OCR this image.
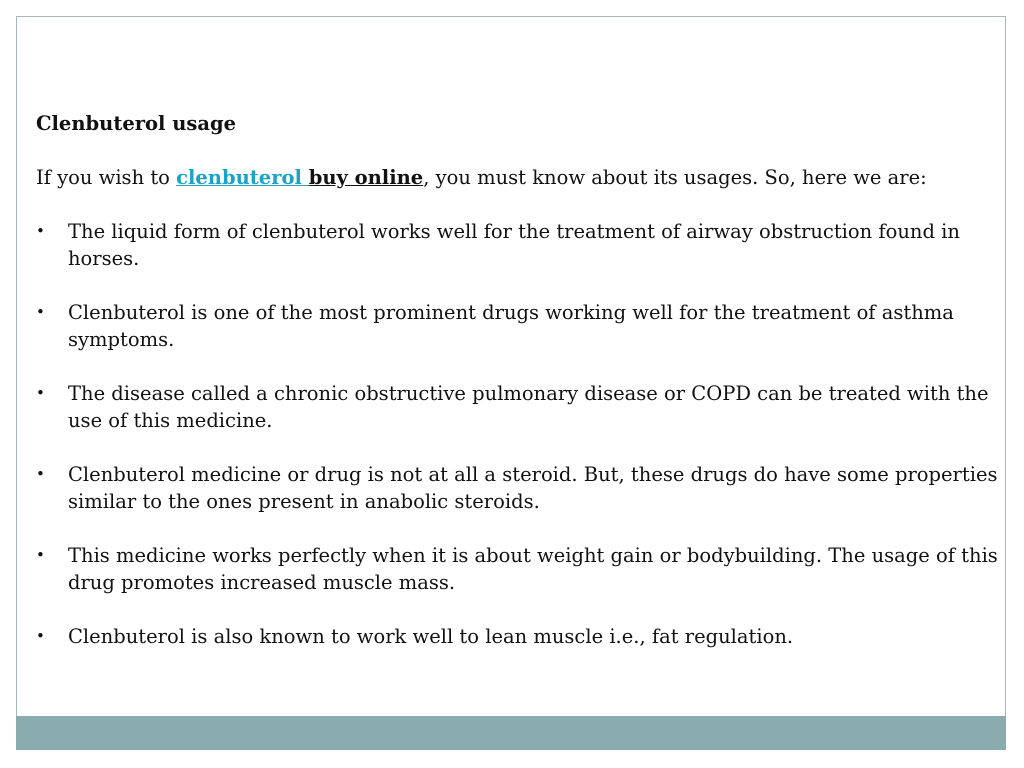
Clenbuterol usage
If you wish to clenbuterol buy online, you must know about its usages. So, here we are:
• The liquid form of clenbuterol works well for the treatment of airway obstruction found in horses.
• Clenbuterol is one of the most prominent drugs working well for the treatment of asthma symptoms.
• The disease called a chronic obstructive pulmonary disease or COPD can be treated with the use of this medicine.
• Clenbuterol medicine or drug is not at all a steroid. But, these drugs do have some properties similar to the ones present in anabolic steroids.
• This medicine works perfectly when it is about weight gain or bodybuilding. The usage of this drug promotes increased muscle mass.
• Clenbuterol is also known to work well to lean muscle i.e., fat regulation.
